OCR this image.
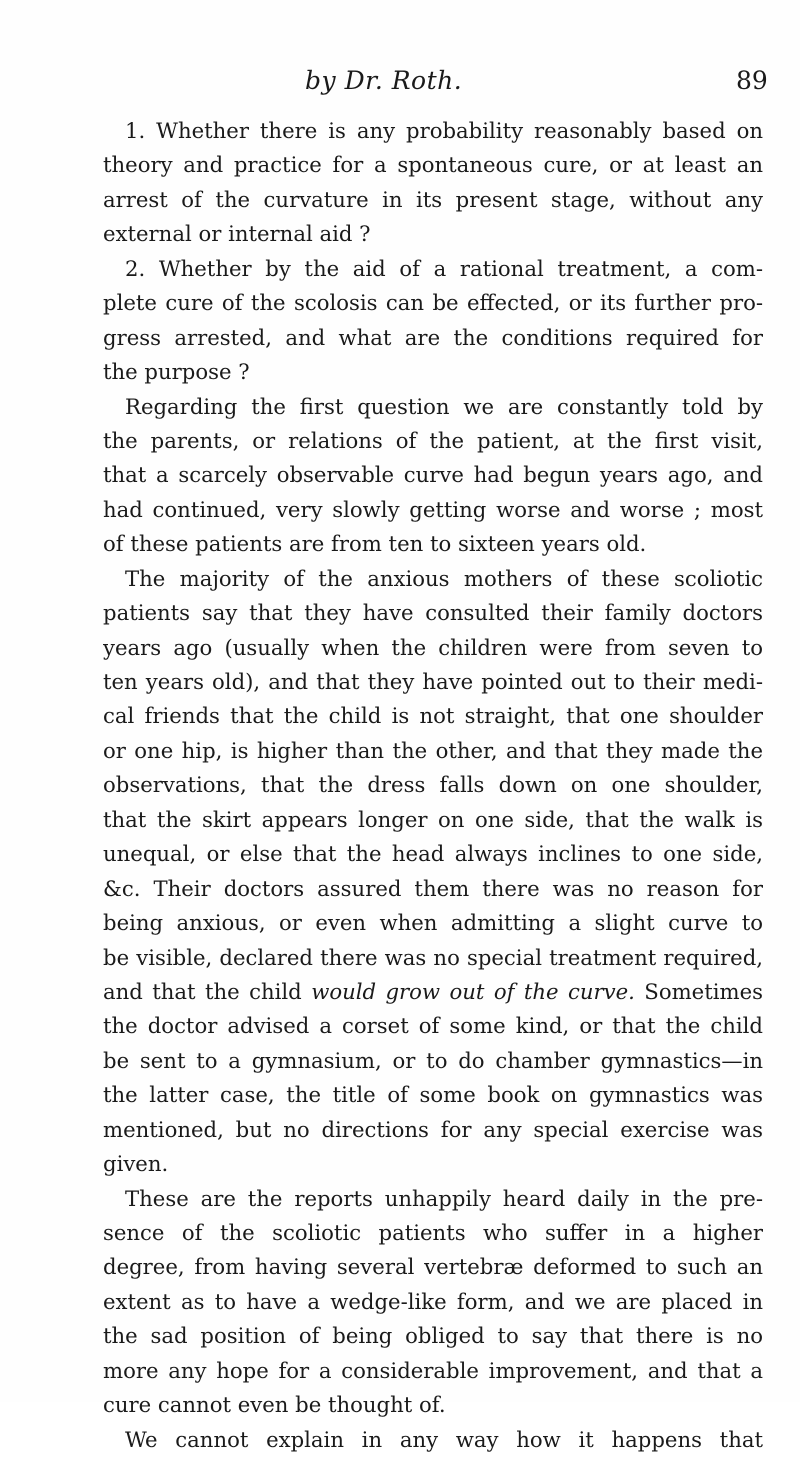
by Dr. Roth.	89
1. Whether there is any probability reasonably based on
theory and practice for a spontaneous cure, or at least an
arrest of the curvature in its present stage, without any
external or internal aid ?
2. Whether by the aid of a rational treatment, a com-
plete cure of the scolosis can be effected, or its further pro-
gress arrested, and what are the conditions required for
the purpose ?
Regarding the first question we are constantly told by
the parents, or relations of the patient, at the first visit,
that a scarcely observable curve had begun years ago, and
had continued, very slowly getting worse and worse ; most
of these patients are from ten to sixteen years old.
The majority of the anxious mothers of these scoliotic
patients say that they have consulted their family doctors
years ago (usually when the children were from seven to
ten years old), and that they have pointed out to their medi-
cal friends that the child is not straight, that one shoulder
or one hip, is higher than the other, and that they made the
observations, that the dress falls down on one shoulder,
that the skirt appears longer on one side, that the walk is
unequal, or else that the head always inclines to one side,
&c. Their doctors assured them there was no reason for
being anxious, or even when admitting a slight curve to
be visible, declared there was no special treatment required,
and that the child would grow out of the curve. Sometimes
the doctor advised a corset of some kind, or that the child
be sent to a gymnasium, or to do chamber gymnastics—in
the latter case, the title of some book on gymnastics was
mentioned, but no directions for any special exercise was
given.
These are the reports unhappily heard daily in the pre-
sence of the scoliotic patients who suffer in a higher
degree, from having several vertebræ deformed to such an
extent as to have a wedge-like form, and we are placed in
the sad position of being obliged to say that there is no
more any hope for a considerable improvement, and that a
cure cannot even be thought of.
We cannot explain in any way how it happens that
